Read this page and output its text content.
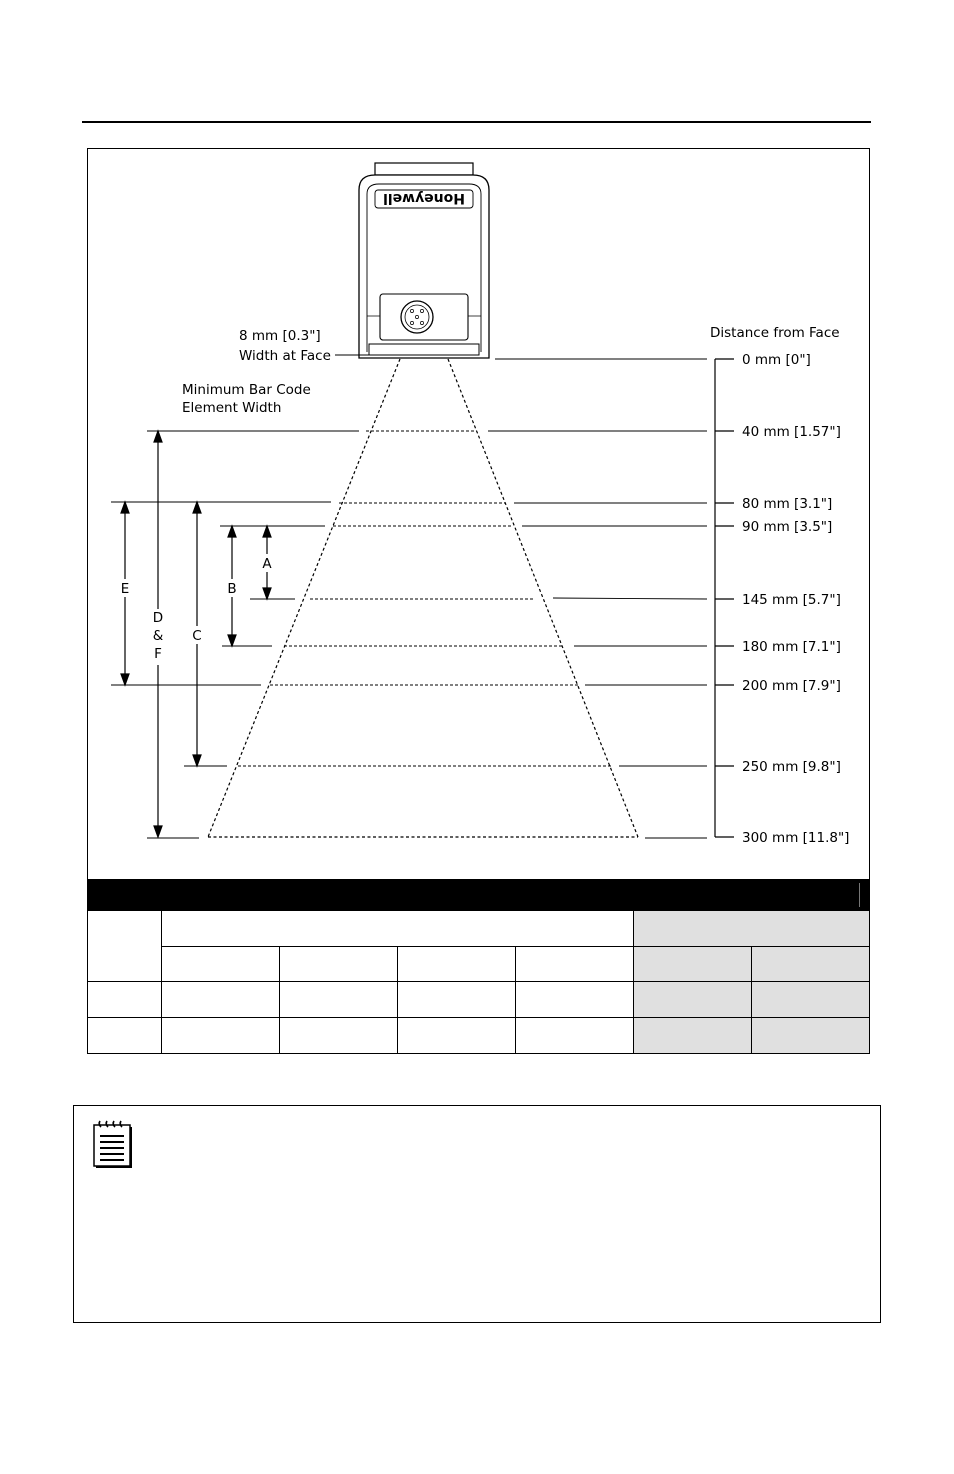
Honeywell
Distance from Face
0 mm [0"]
40 mm [1.57"]
80 mm [3.1"]
90 mm [3.5"]
145 mm [5.7"]
180 mm [7.1"]
200 mm [7.9"]
250 mm [9.8"]
300 mm [11.8"]
8 mm [0.3"]
Width at Face
Minimum Bar Code
Element Width
A
B
C
E
D
&
F
